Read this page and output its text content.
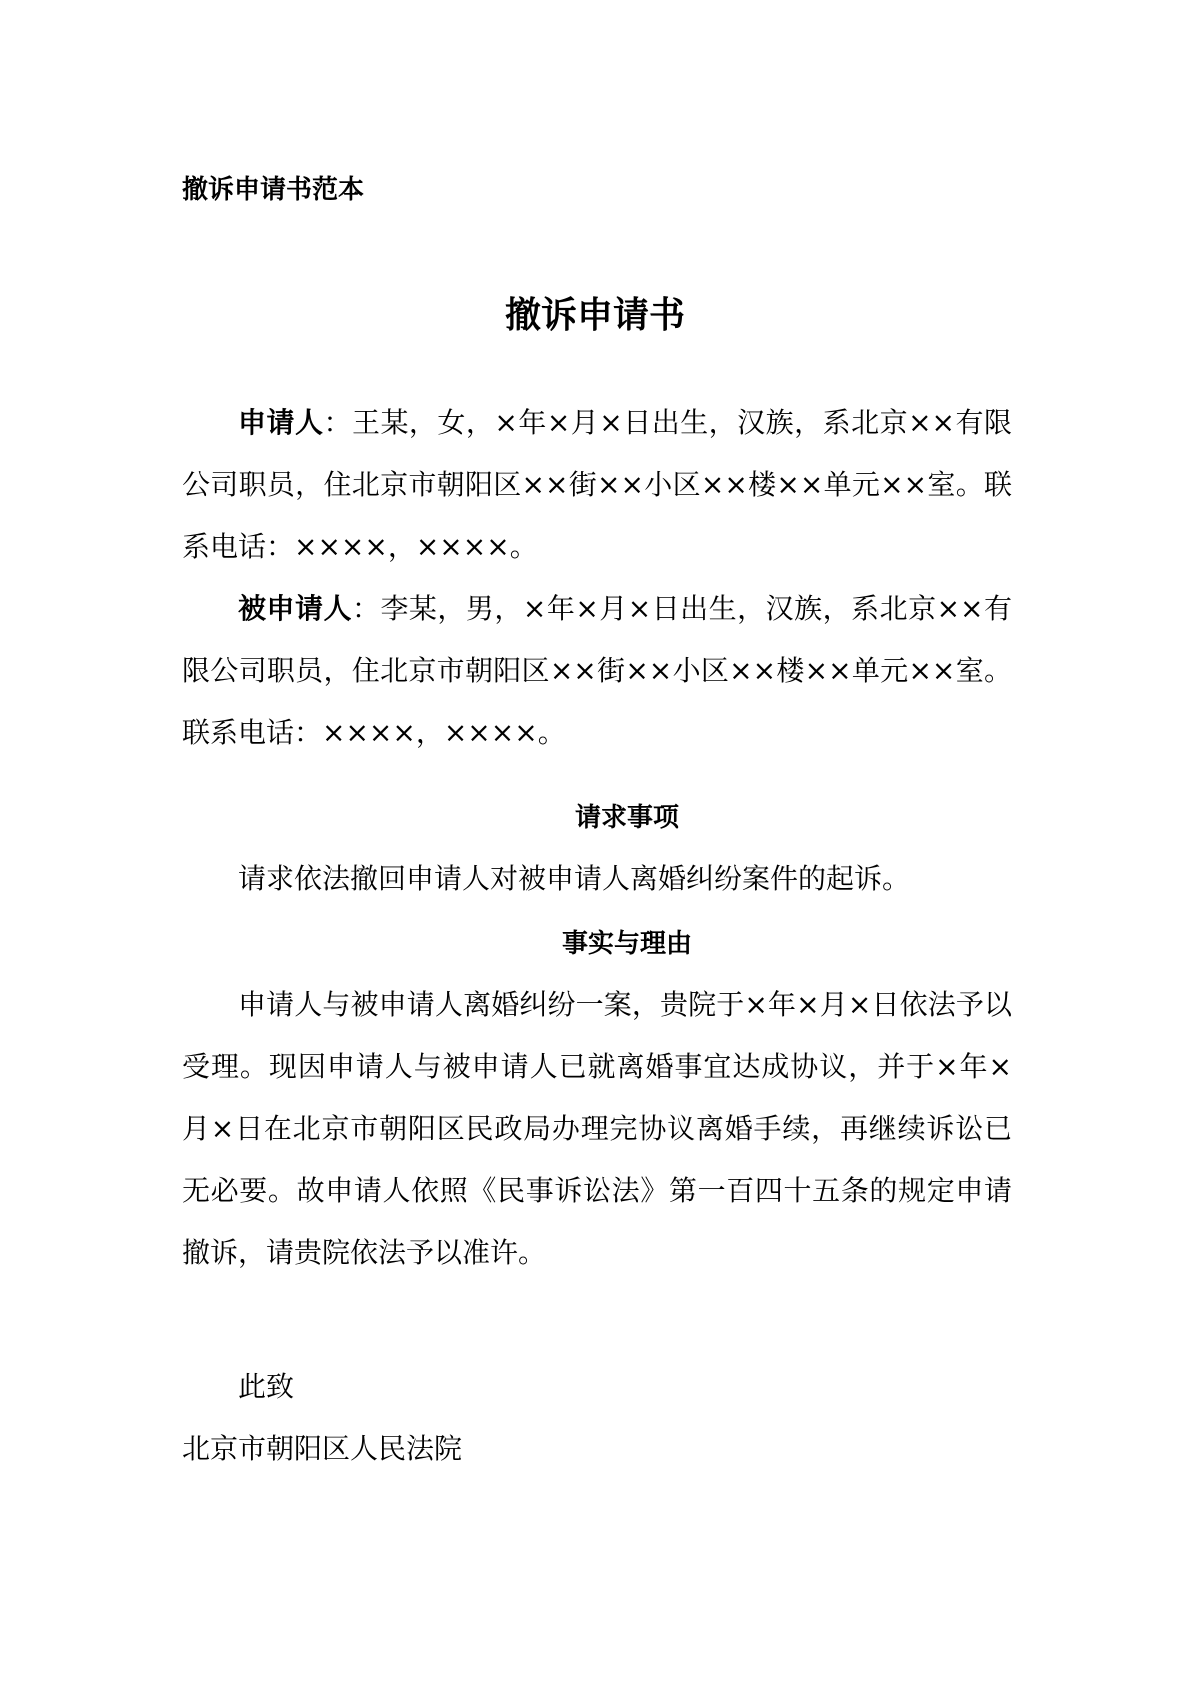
撤诉申请书范本
撤诉申请书

申请人：王某，女，×年×月×日出生，汉族，系北京××有限公司职员，住北京市朝阳区××街××小区××楼××单元××室。联系电话：××××，××××。

被申请人：李某，男，×年×月×日出生，汉族，系北京××有限公司职员，住北京市朝阳区××街××小区××楼××单元××室。联系电话：××××，××××。

请求事项

请求依法撤回申请人对被申请人离婚纠纷案件的起诉。

事实与理由

申请人与被申请人离婚纠纷一案，贵院于×年×月×日依法予以受理。现因申请人与被申请人已就离婚事宜达成协议，并于×年×月×日在北京市朝阳区民政局办理完协议离婚手续，再继续诉讼已无必要。故申请人依照《民事诉讼法》第一百四十五条的规定申请撤诉，请贵院依法予以准许。

此致
北京市朝阳区人民法院
